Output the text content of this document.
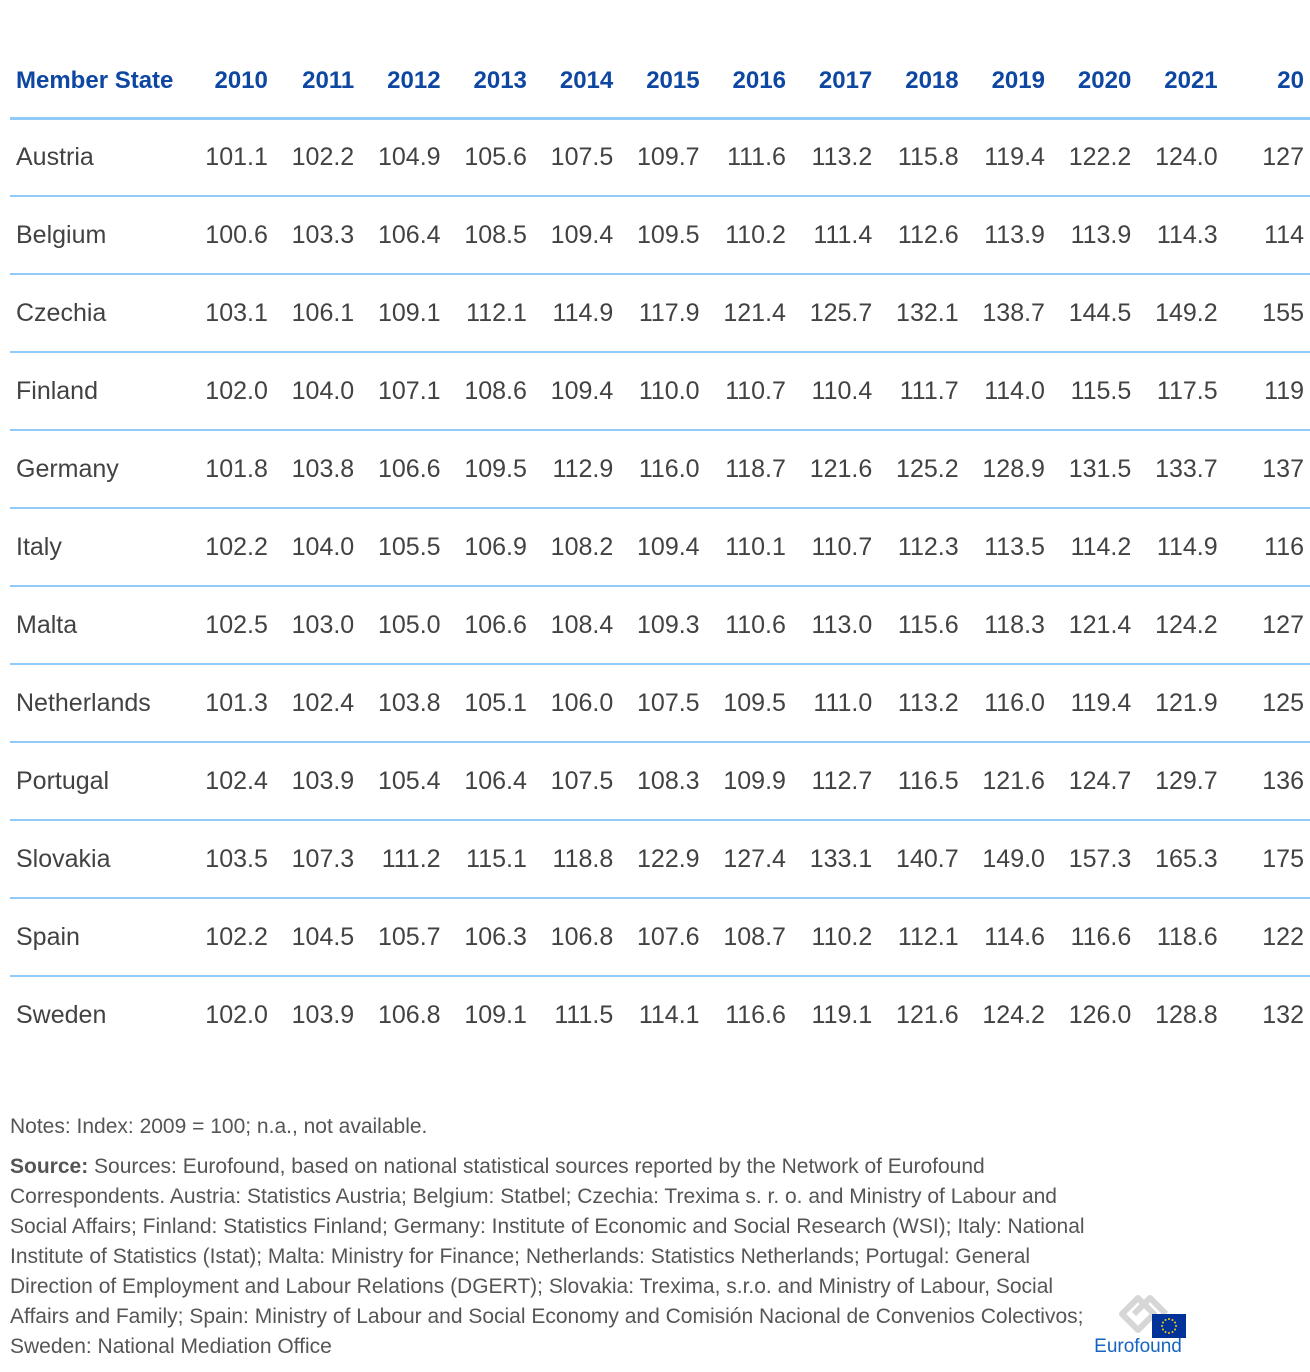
Member State	2010	2011	2012	2013	2014	2015	2016	2017	2018	2019	2020	2021	20
Austria	101.1	102.2	104.9	105.6	107.5	109.7	111.6	113.2	115.8	119.4	122.2	124.0	127
Belgium	100.6	103.3	106.4	108.5	109.4	109.5	110.2	111.4	112.6	113.9	113.9	114.3	114
Czechia	103.1	106.1	109.1	112.1	114.9	117.9	121.4	125.7	132.1	138.7	144.5	149.2	155
Finland	102.0	104.0	107.1	108.6	109.4	110.0	110.7	110.4	111.7	114.0	115.5	117.5	119
Germany	101.8	103.8	106.6	109.5	112.9	116.0	118.7	121.6	125.2	128.9	131.5	133.7	137
Italy	102.2	104.0	105.5	106.9	108.2	109.4	110.1	110.7	112.3	113.5	114.2	114.9	116
Malta	102.5	103.0	105.0	106.6	108.4	109.3	110.6	113.0	115.6	118.3	121.4	124.2	127
Netherlands	101.3	102.4	103.8	105.1	106.0	107.5	109.5	111.0	113.2	116.0	119.4	121.9	125
Portugal	102.4	103.9	105.4	106.4	107.5	108.3	109.9	112.7	116.5	121.6	124.7	129.7	136
Slovakia	103.5	107.3	111.2	115.1	118.8	122.9	127.4	133.1	140.7	149.0	157.3	165.3	175
Spain	102.2	104.5	105.7	106.3	106.8	107.6	108.7	110.2	112.1	114.6	116.6	118.6	122
Sweden	102.0	103.9	106.8	109.1	111.5	114.1	116.6	119.1	121.6	124.2	126.0	128.8	132
Notes: Index: 2009 = 100; n.a., not available.
Source: Sources: Eurofound, based on national statistical sources reported by the Network of Eurofound Correspondents. Austria: Statistics Austria; Belgium: Statbel; Czechia: Trexima s. r. o. and Ministry of Labour and Social Affairs; Finland: Statistics Finland; Germany: Institute of Economic and Social Research (WSI); Italy: National Institute of Statistics (Istat); Malta: Ministry for Finance; Netherlands: Statistics Netherlands; Portugal: General Direction of Employment and Labour Relations (DGERT); Slovakia: Trexima, s.r.o. and Ministry of Labour, Social Affairs and Family; Spain: Ministry of Labour and Social Economy and Comisión Nacional de Convenios Colectivos; Sweden: National Mediation Office	Eurofound
